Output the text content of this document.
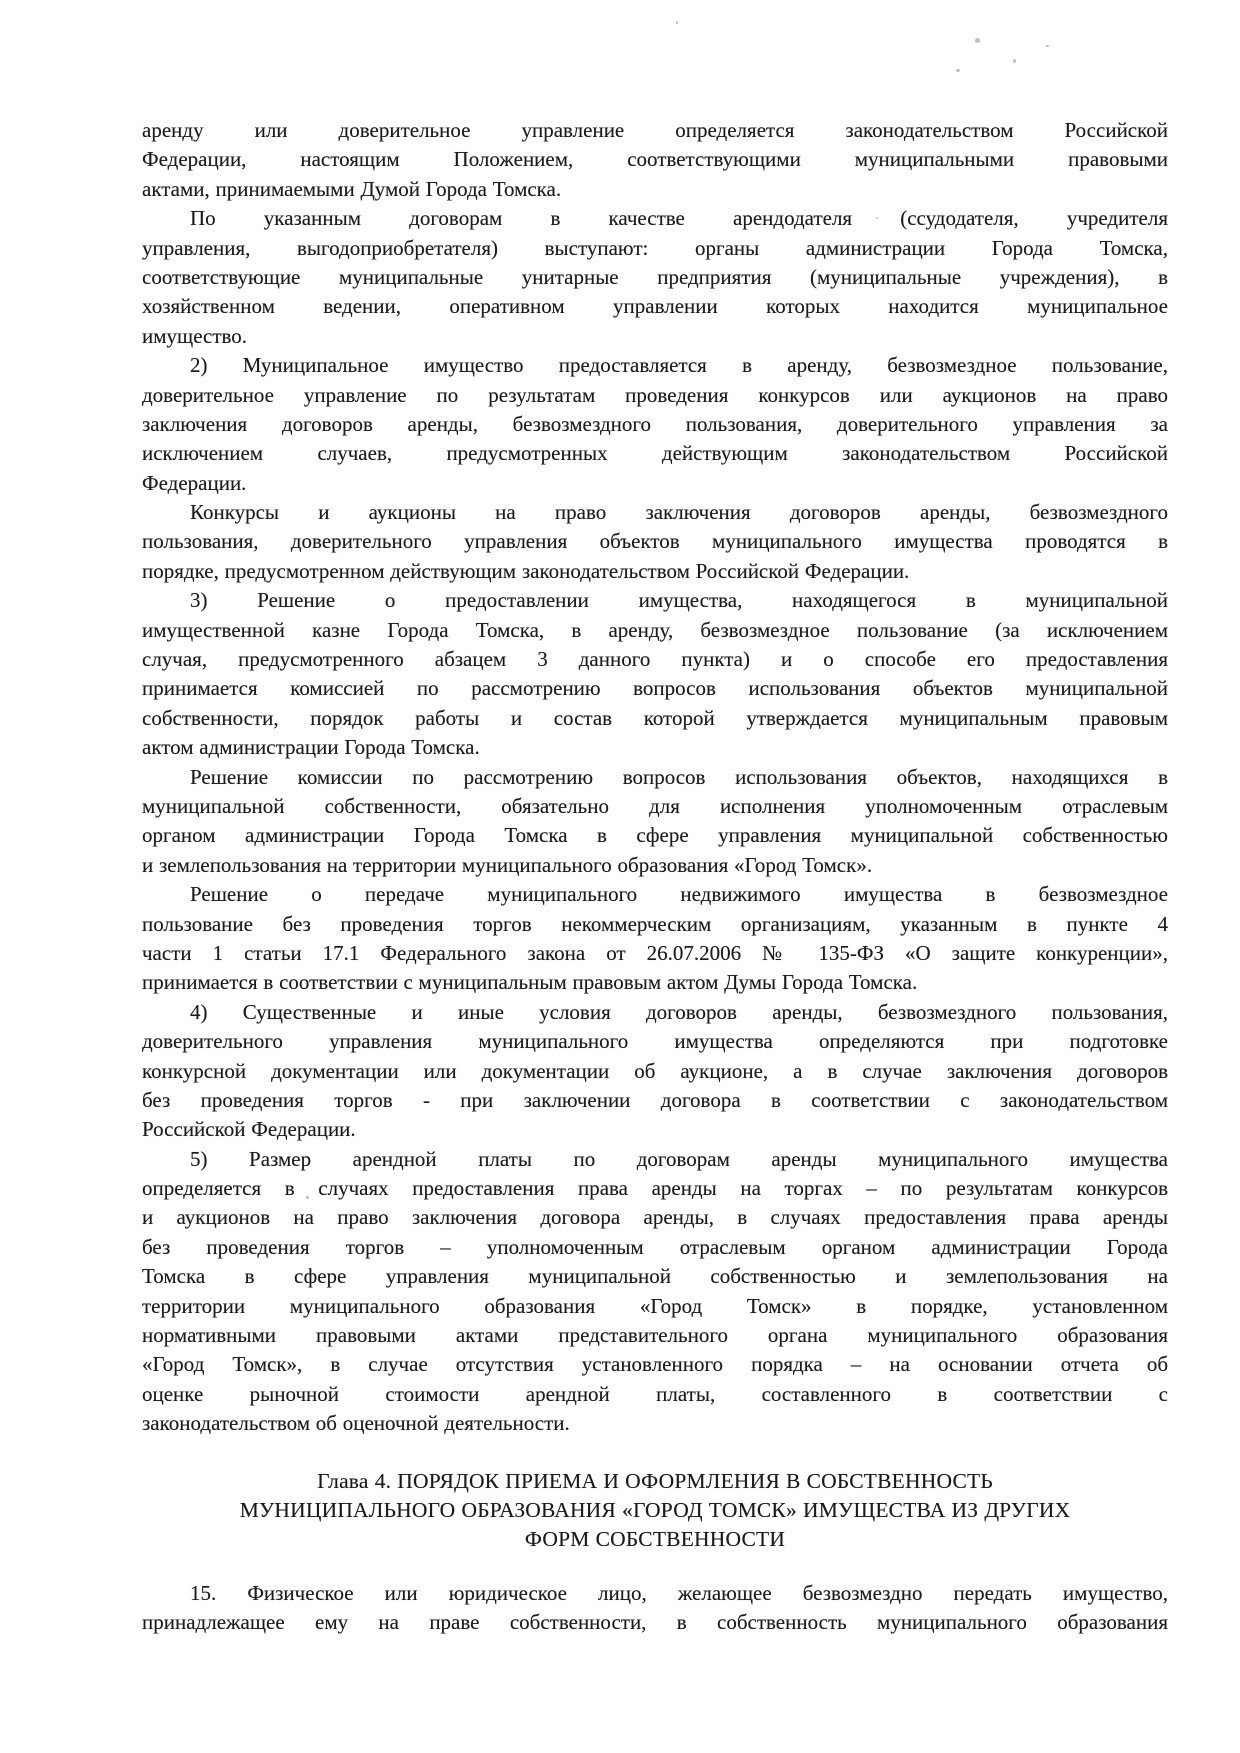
аренду или доверительное управление определяется законодательством Российской
Федерации, настоящим Положением, соответствующими муниципальными правовыми
актами, принимаемыми Думой Города Томска.
По указанным договорам в качестве арендодателя (ссудодателя, учредителя
управления, выгодоприобретателя) выступают: органы администрации Города Томска,
соответствующие муниципальные унитарные предприятия (муниципальные учреждения), в
хозяйственном ведении, оперативном управлении которых находится муниципальное
имущество.
2) Муниципальное имущество предоставляется в аренду, безвозмездное пользование,
доверительное управление по результатам проведения конкурсов или аукционов на право
заключения договоров аренды, безвозмездного пользования, доверительного управления за
исключением случаев, предусмотренных действующим законодательством Российской
Федерации.
Конкурсы и аукционы на право заключения договоров аренды, безвозмездного
пользования, доверительного управления объектов муниципального имущества проводятся в
порядке, предусмотренном действующим законодательством Российской Федерации.
3) Решение о предоставлении имущества, находящегося в муниципальной
имущественной казне Города Томска, в аренду, безвозмездное пользование (за исключением
случая, предусмотренного абзацем 3 данного пункта) и о способе его предоставления
принимается комиссией по рассмотрению вопросов использования объектов муниципальной
собственности, порядок работы и состав которой утверждается муниципальным правовым
актом администрации Города Томска.
Решение комиссии по рассмотрению вопросов использования объектов, находящихся в
муниципальной собственности, обязательно для исполнения уполномоченным отраслевым
органом администрации Города Томска в сфере управления муниципальной собственностью
и землепользования на территории муниципального образования «Город Томск».
Решение о передаче муниципального недвижимого имущества в безвозмездное
пользование без проведения торгов некоммерческим организациям, указанным в пункте 4
части 1 статьи 17.1 Федерального закона от 26.07.2006 № 135-ФЗ «О защите конкуренции»,
принимается в соответствии с муниципальным правовым актом Думы Города Томска.
4) Существенные и иные условия договоров аренды, безвозмездного пользования,
доверительного управления муниципального имущества определяются при подготовке
конкурсной документации или документации об аукционе, а в случае заключения договоров
без проведения торгов - при заключении договора в соответствии с законодательством
Российской Федерации.
5) Размер арендной платы по договорам аренды муниципального имущества
определяется в случаях предоставления права аренды на торгах – по результатам конкурсов
и аукционов на право заключения договора аренды, в случаях предоставления права аренды
без проведения торгов – уполномоченным отраслевым органом администрации Города
Томска в сфере управления муниципальной собственностью и землепользования на
территории муниципального образования «Город Томск» в порядке, установленном
нормативными правовыми актами представительного органа муниципального образования
«Город Томск», в случае отсутствия установленного порядка – на основании отчета об
оценке рыночной стоимости арендной платы, составленного в соответствии с
законодательством об оценочной деятельности.
Глава 4. ПОРЯДОК ПРИЕМА И ОФОРМЛЕНИЯ В СОБСТВЕННОСТЬ
МУНИЦИПАЛЬНОГО ОБРАЗОВАНИЯ «ГОРОД ТОМСК» ИМУЩЕСТВА ИЗ ДРУГИХ
ФОРМ СОБСТВЕННОСТИ
15. Физическое или юридическое лицо, желающее безвозмездно передать имущество,
принадлежащее ему на праве собственности, в собственность муниципального образования
